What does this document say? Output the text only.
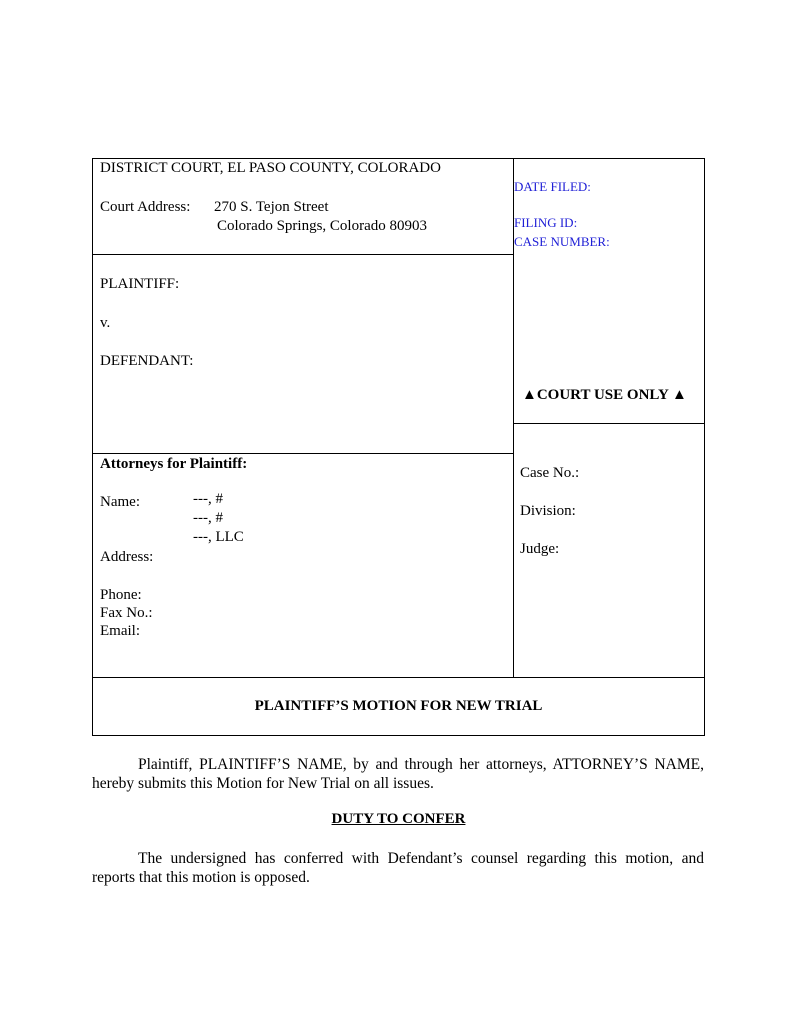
DISTRICT COURT, EL PASO COUNTY, COLORADO
Court Address: 270 S. Tejon Street
Colorado Springs, Colorado 80903
DATE FILED:
FILING ID:
CASE NUMBER:
PLAINTIFF:
v.
DEFENDANT:
▲COURT USE ONLY ▲
Attorneys for Plaintiff:
Name:	---, #
---, #
---, LLC
Address:
Phone:
Fax No.:
Email:
Case No.:
Division:
Judge:
PLAINTIFF’S MOTION FOR NEW TRIAL
Plaintiff, PLAINTIFF’S NAME, by and through her attorneys, ATTORNEY’S NAME, hereby submits this Motion for New Trial on all issues.
DUTY TO CONFER
The undersigned has conferred with Defendant’s counsel regarding this motion, and reports that this motion is opposed.
